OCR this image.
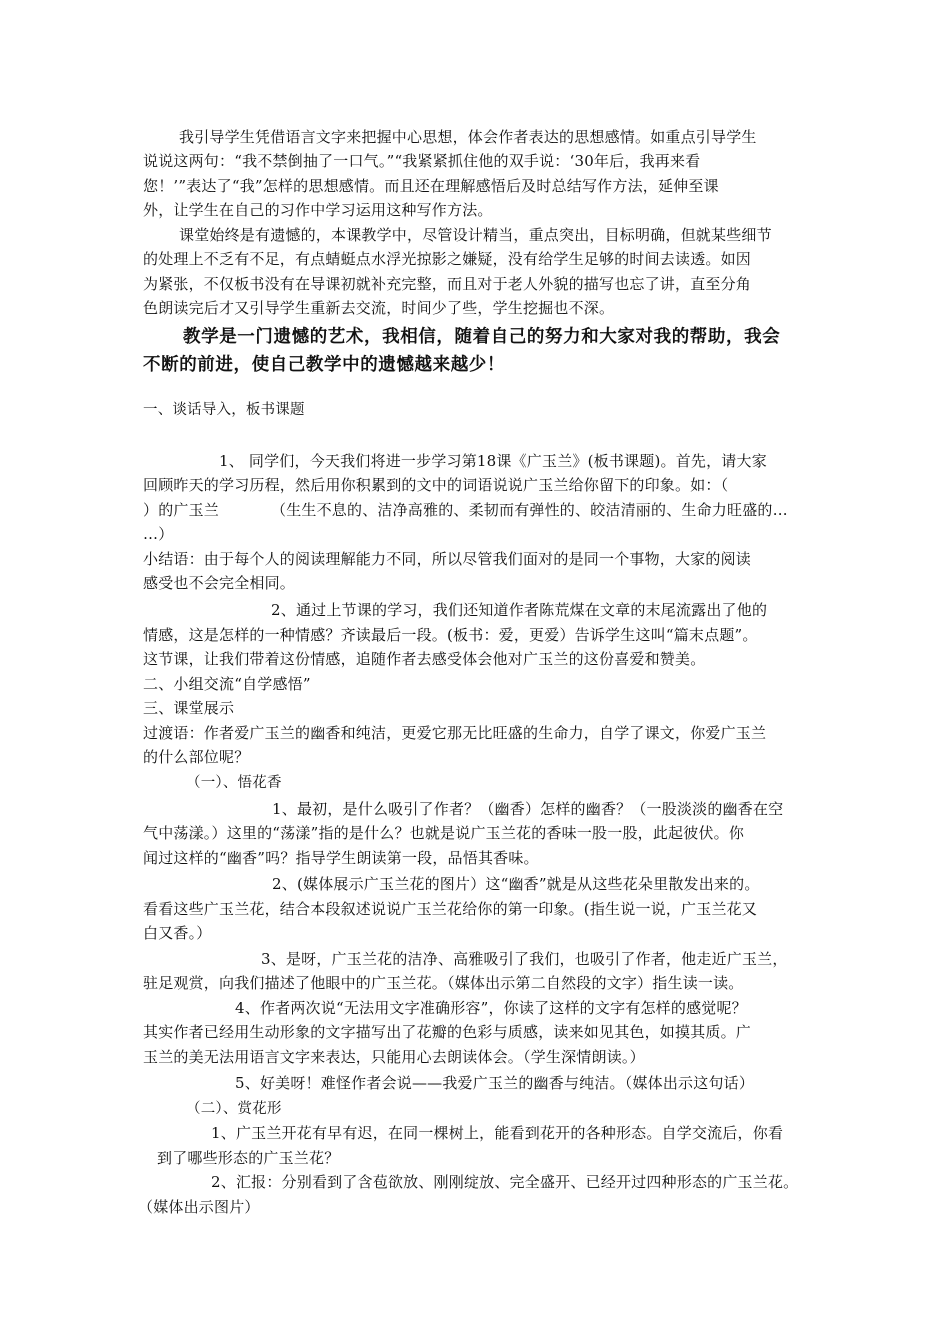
我引导学生凭借语言文字来把握中心思想，体会作者表达的思想感情。如重点引导学生
说说这两句：“我不禁倒抽了一口气。”“我紧紧抓住他的双手说：‘30年后，我再来看
您！’”表达了“我”怎样的思想感情。而且还在理解感悟后及时总结写作方法，延伸至课
外，让学生在自己的习作中学习运用这种写作方法。
课堂始终是有遗憾的，本课教学中，尽管设计精当，重点突出，目标明确，但就某些细节
的处理上不乏有不足，有点蜻蜓点水浮光掠影之嫌疑，没有给学生足够的时间去读透。如因
为紧张，不仅板书没有在导课初就补充完整，而且对于老人外貌的描写也忘了讲，直至分角
色朗读完后才又引导学生重新去交流，时间少了些，学生挖掘也不深。
教学是一门遗憾的艺术，我相信，随着自己的努力和大家对我的帮助，我会
不断的前进，使自己教学中的遗憾越来越少！
一、谈话导入，板书课题
1、 同学们，今天我们将进一步学习第18课《广玉兰》(板书课题)。首先，请大家
回顾昨天的学习历程，然后用你积累到的文中的词语说说广玉兰给你留下的印象。如：（
）的广玉兰	（生生不息的、洁净高雅的、柔韧而有弹性的、皎洁清丽的、生命力旺盛的…
…）
小结语：由于每个人的阅读理解能力不同，所以尽管我们面对的是同一个事物，大家的阅读
感受也不会完全相同。
2、通过上节课的学习，我们还知道作者陈荒煤在文章的末尾流露出了他的
情感，这是怎样的一种情感？齐读最后一段。(板书：爱，更爱）告诉学生这叫“篇末点题”。
这节课，让我们带着这份情感，追随作者去感受体会他对广玉兰的这份喜爱和赞美。
二、小组交流“自学感悟”
三、课堂展示
过渡语：作者爱广玉兰的幽香和纯洁，更爱它那无比旺盛的生命力，自学了课文，你爱广玉兰
的什么部位呢？
（一）、悟花香
1、最初，是什么吸引了作者？（幽香）怎样的幽香？（一股淡淡的幽香在空
气中荡漾。）这里的“荡漾”指的是什么？也就是说广玉兰花的香味一股一股，此起彼伏。你
闻过这样的“幽香”吗？指导学生朗读第一段，品悟其香味。
2、(媒体展示广玉兰花的图片）这“幽香”就是从这些花朵里散发出来的。
看看这些广玉兰花，结合本段叙述说说广玉兰花给你的第一印象。(指生说一说，广玉兰花又
白又香。）
3、是呀，广玉兰花的洁净、高雅吸引了我们，也吸引了作者，他走近广玉兰，
驻足观赏，向我们描述了他眼中的广玉兰花。（媒体出示第二自然段的文字）指生读一读。
4、作者两次说“无法用文字准确形容”，你读了这样的文字有怎样的感觉呢？
其实作者已经用生动形象的文字描写出了花瓣的色彩与质感，读来如见其色，如摸其质。广
玉兰的美无法用语言文字来表达，只能用心去朗读体会。（学生深情朗读。）
5、好美呀！难怪作者会说——我爱广玉兰的幽香与纯洁。（媒体出示这句话）
（二）、赏花形
1、广玉兰开花有早有迟，在同一棵树上，能看到花开的各种形态。自学交流后，你看
到了哪些形态的广玉兰花？
2、汇报：分别看到了含苞欲放、刚刚绽放、完全盛开、已经开过四种形态的广玉兰花。
（媒体出示图片）
